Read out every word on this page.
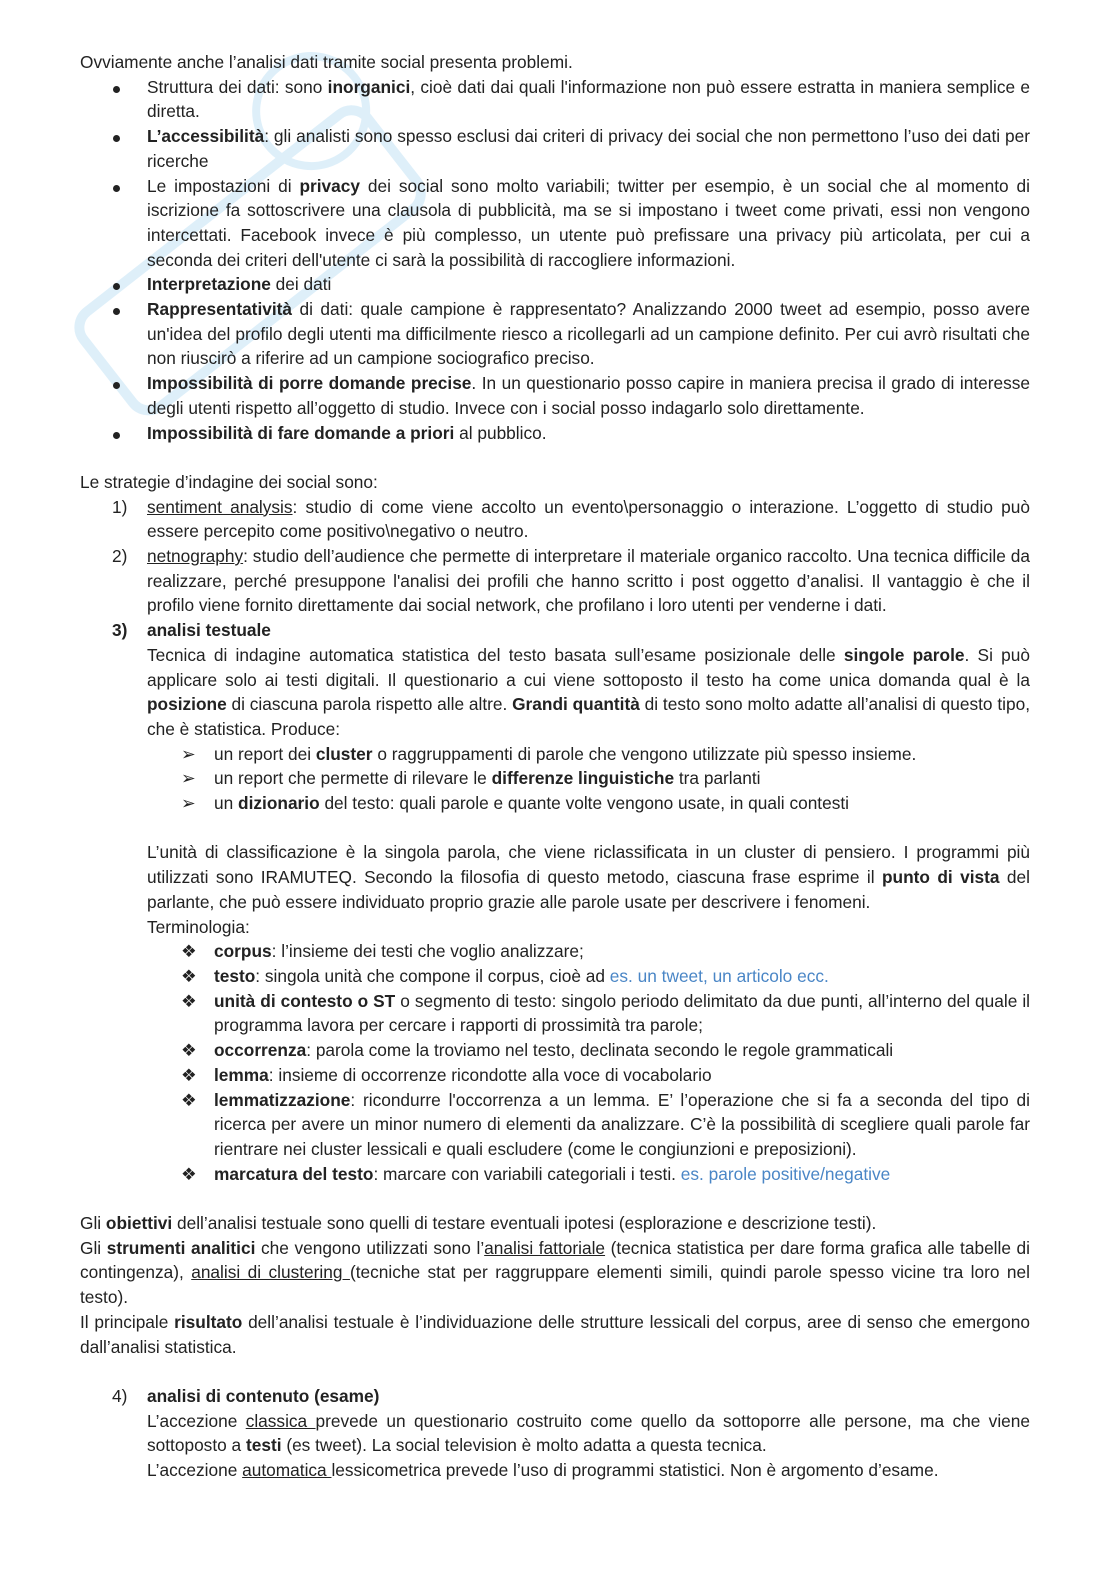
Ovviamente anche l’analisi dati tramite social presenta problemi.

Struttura dei dati: sono inorganici, cioè dati dai quali l'informazione non può essere estratta in maniera semplice e diretta.
L’accessibilità: gli analisti sono spesso esclusi dai criteri di privacy dei social che non permettono l’uso dei dati per ricerche
Le impostazioni di privacy dei social sono molto variabili; twitter per esempio, è un social che al momento di iscrizione fa sottoscrivere una clausola di pubblicità, ma se si impostano i tweet come privati, essi non vengono intercettati. Facebook invece è più complesso, un utente può prefissare una privacy più articolata, per cui a seconda dei criteri dell'utente ci sarà la possibilità di raccogliere informazioni.
Interpretazione dei dati
Rappresentatività di dati: quale campione è rappresentato? Analizzando 2000 tweet ad esempio, posso avere un'idea del profilo degli utenti ma difficilmente riesco a ricollegarli ad un campione definito. Per cui avrò risultati che non riuscirò a riferire ad un campione sociografico preciso.
Impossibilità di porre domande precise. In un questionario posso capire in maniera precisa il grado di interesse degli utenti rispetto all’oggetto di studio. Invece con i social posso indagarlo solo direttamente.
Impossibilità di fare domande a priori al pubblico.

Le strategie d’indagine dei social sono:

1) sentiment analysis: studio di come viene accolto un evento\personaggio o interazione. L’oggetto di studio può essere percepito come positivo\negativo o neutro.
2) netnography: studio dell’audience che permette di interpretare il materiale organico raccolto. Una tecnica difficile da realizzare, perché presuppone l'analisi dei profili che hanno scritto i post oggetto d’analisi. Il vantaggio è che il profilo viene fornito direttamente dai social network, che profilano i loro utenti per venderne i dati.
3) analisi testuale

Tecnica di indagine automatica statistica del testo basata sull’esame posizionale delle singole parole. Si può applicare solo ai testi digitali. Il questionario a cui viene sottoposto il testo ha come unica domanda qual è la posizione di ciascuna parola rispetto alle altre. Grandi quantità di testo sono molto adatte all’analisi di questo tipo, che è statistica. Produce:

➢ un report dei cluster o raggruppamenti di parole che vengono utilizzate più spesso insieme.
➢ un report che permette di rilevare le differenze linguistiche tra parlanti
➢ un dizionario del testo: quali parole e quante volte vengono usate, in quali contesti

L’unità di classificazione è la singola parola, che viene riclassificata in un cluster di pensiero. I programmi più utilizzati sono IRAMUTEQ. Secondo la filosofia di questo metodo, ciascuna frase esprime il punto di vista del parlante, che può essere individuato proprio grazie alle parole usate per descrivere i fenomeni.

Terminologia:

❖ corpus: l’insieme dei testi che voglio analizzare;
❖ testo: singola unità che compone il corpus, cioè ad es. un tweet, un articolo ecc.
❖ unità di contesto o ST o segmento di testo: singolo periodo delimitato da due punti, all’interno del quale il programma lavora per cercare i rapporti di prossimità tra parole;
❖ occorrenza: parola come la troviamo nel testo, declinata secondo le regole grammaticali
❖ lemma: insieme di occorrenze ricondotte alla voce di vocabolario
❖ lemmatizzazione: ricondurre l'occorrenza a un lemma. E’ l’operazione che si fa a seconda del tipo di ricerca per avere un minor numero di elementi da analizzare. C’è la possibilità di scegliere quali parole far rientrare nei cluster lessicali e quali escludere (come le congiunzioni e preposizioni).
❖ marcatura del testo: marcare con variabili categoriali i testi. es. parole positive/negative

Gli obiettivi dell’analisi testuale sono quelli di testare eventuali ipotesi (esplorazione e descrizione testi).

Gli strumenti analitici che vengono utilizzati sono l’analisi fattoriale (tecnica statistica per dare forma grafica alle tabelle di contingenza), analisi di clustering (tecniche stat per raggruppare elementi simili, quindi parole spesso vicine tra loro nel testo).

Il principale risultato dell’analisi testuale è l’individuazione delle strutture lessicali del corpus, aree di senso che emergono dall’analisi statistica.

4) analisi di contenuto (esame)

L’accezione classica prevede un questionario costruito come quello da sottoporre alle persone, ma che viene sottoposto a testi (es tweet). La social television è molto adatta a questa tecnica.

L’accezione automatica lessicometrica prevede l’uso di programmi statistici. Non è argomento d’esame.
